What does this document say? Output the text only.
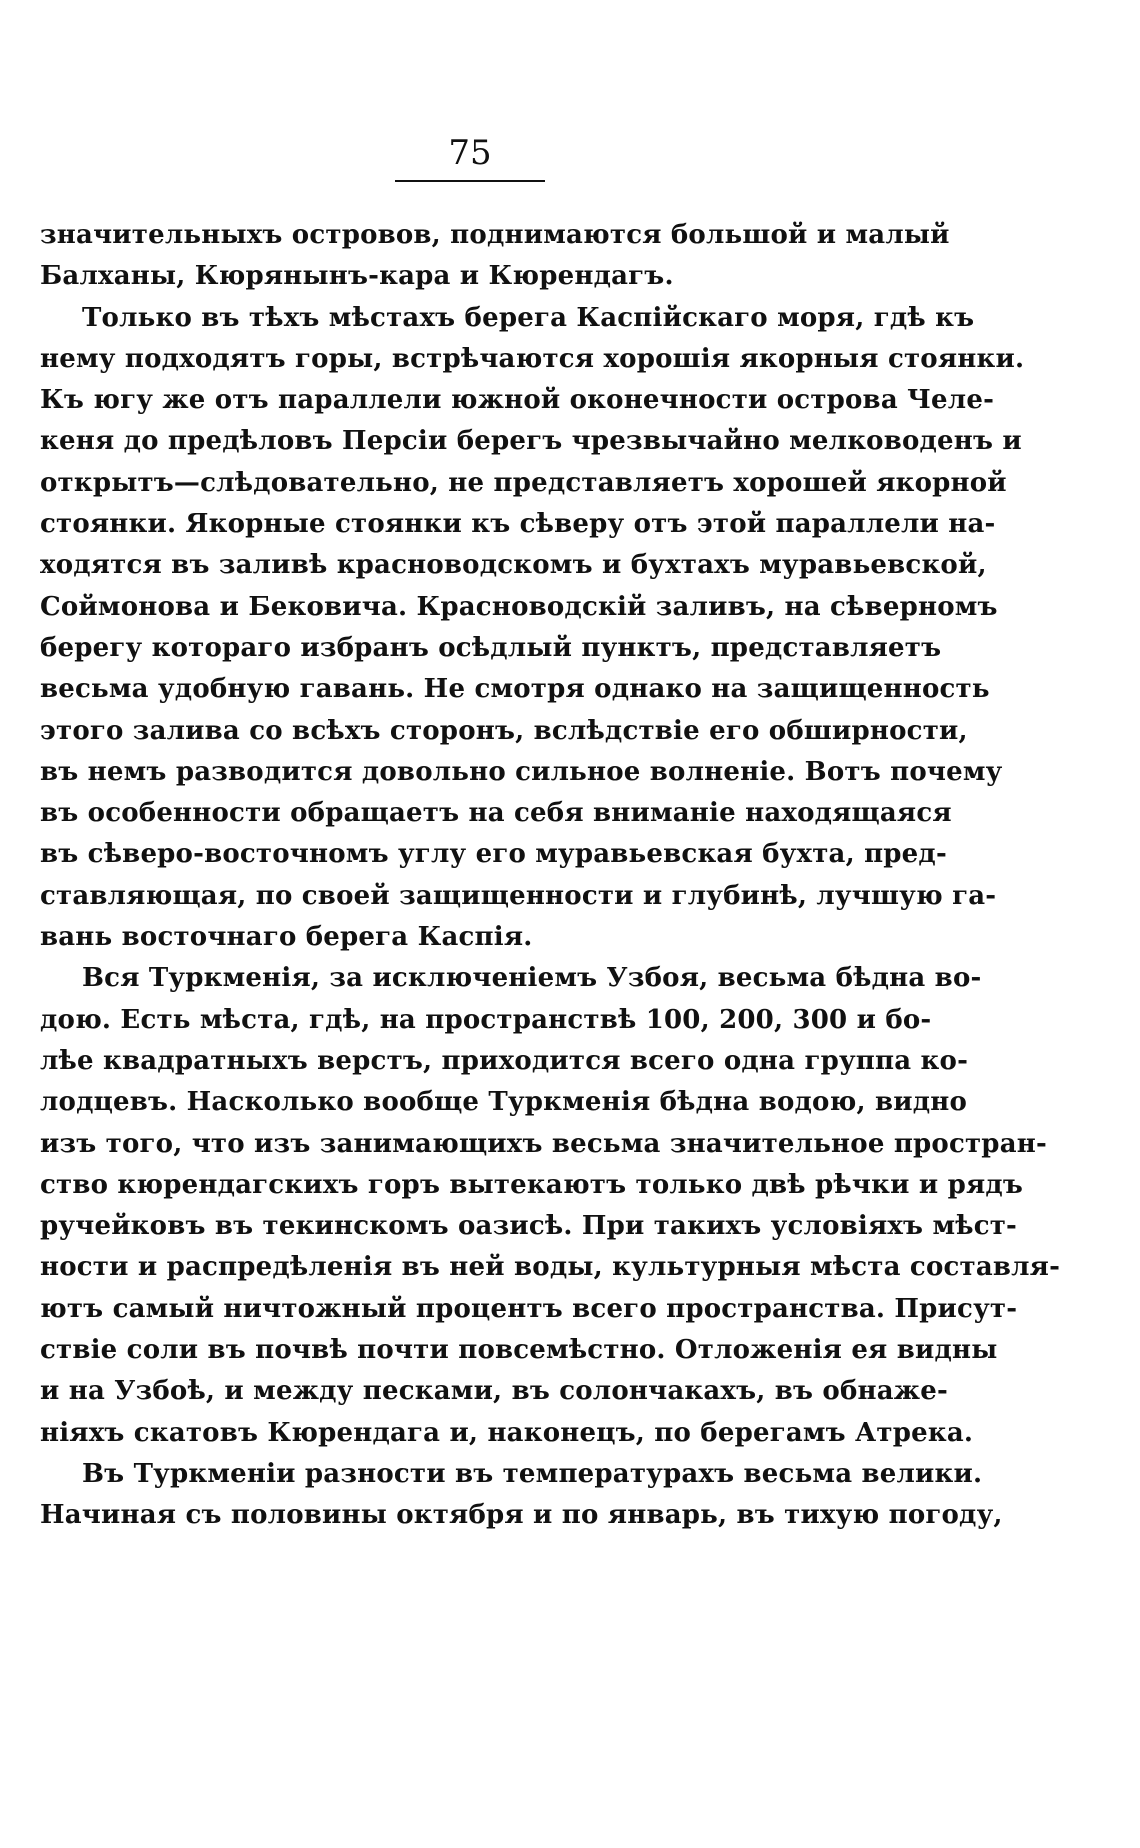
75
значительныхъ островов, поднимаются большой и малый
Балханы, Кюрянынъ-кара и Кюрендагъ.
Только въ тѣхъ мѣстахъ берега Каспійскаго моря, гдѣ къ
нему подходятъ горы, встрѣчаются хорошія якорныя стоянки.
Къ югу же отъ параллели южной оконечности острова Челе-
кеня до предѣловъ Персіи берегъ чрезвычайно мелководенъ и
открытъ—слѣдовательно, не представляетъ хорошей якорной
стоянки. Якорные стоянки къ сѣверу отъ этой параллели на-
ходятся въ заливѣ красноводскомъ и бухтахъ муравьевской,
Соймонова и Бековича. Красноводскій заливъ, на сѣверномъ
берегу котораго избранъ осѣдлый пунктъ, представляетъ
весьма удобную гавань. Не смотря однако на защищенность
этого залива со всѣхъ сторонъ, вслѣдствіе его обширности,
въ немъ разводится довольно сильное волненіе. Вотъ почему
въ особенности обращаетъ на себя вниманіе находящаяся
въ сѣверо-восточномъ углу его муравьевская бухта, пред-
ставляющая, по своей защищенности и глубинѣ, лучшую га-
вань восточнаго берега Каспія.
Вся Туркменія, за исключеніемъ Узбоя, весьма бѣдна во-
дою. Есть мѣста, гдѣ, на пространствѣ 100, 200, 300 и бо-
лѣе квадратныхъ верстъ, приходится всего одна группа ко-
лодцевъ. Насколько вообще Туркменія бѣдна водою, видно
изъ того, что изъ занимающихъ весьма значительное простран-
ство кюрендагскихъ горъ вытекаютъ только двѣ рѣчки и рядъ
ручейковъ въ текинскомъ оазисѣ. При такихъ условіяхъ мѣст-
ности и распредѣленія въ ней воды, культурныя мѣста составля-
ютъ самый ничтожный процентъ всего пространства. Присут-
ствіе соли въ почвѣ почти повсемѣстно. Отложенія ея видны
и на Узбоѣ, и между песками, въ солончакахъ, въ обнаже-
ніяхъ скатовъ Кюрендага и, наконецъ, по берегамъ Атрека.
Въ Туркменіи разности въ температурахъ весьма велики.
Начиная съ половины октября и по январь, въ тихую погоду,
